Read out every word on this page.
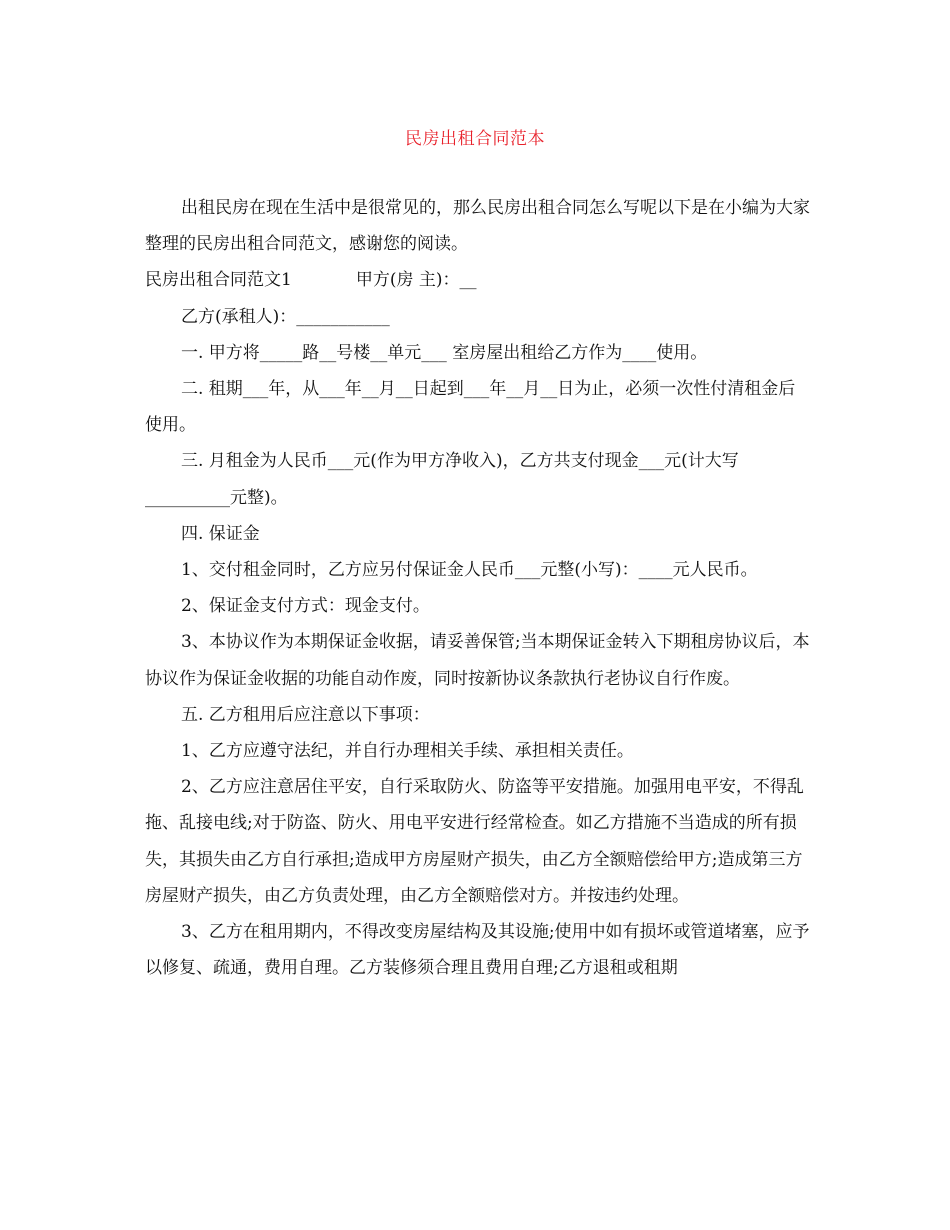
民房出租合同范本

出租民房在现在生活中是很常见的，那么民房出租合同怎么写呢以下是在小编为大家整理的民房出租合同范文，感谢您的阅读。

民房出租合同范文1	甲方(房 主)：__

乙方(承租人)：___________

一. 甲方将_____路__号楼__单元___ 室房屋出租给乙方作为____使用。

二. 租期___年，从___年__月__日起到___年__月__日为止，必须一次性付清租金后使用。

三. 月租金为人民币___元(作为甲方净收入)，乙方共支付现金___元(计大写__________元整)。

四. 保证金

1、交付租金同时，乙方应另付保证金人民币___元整(小写)：____元人民币。

2、保证金支付方式：现金支付。

3、本协议作为本期保证金收据，请妥善保管;当本期保证金转入下期租房协议后，本协议作为保证金收据的功能自动作废，同时按新协议条款执行老协议自行作废。

五. 乙方租用后应注意以下事项：

1、乙方应遵守法纪，并自行办理相关手续、承担相关责任。

2、乙方应注意居住平安，自行采取防火、防盗等平安措施。加强用电平安，不得乱拖、乱接电线;对于防盗、防火、用电平安进行经常检查。如乙方措施不当造成的所有损失，其损失由乙方自行承担;造成甲方房屋财产损失，由乙方全额赔偿给甲方;造成第三方房屋财产损失，由乙方负责处理，由乙方全额赔偿对方。并按违约处理。

3、乙方在租用期内，不得改变房屋结构及其设施;使用中如有损坏或管道堵塞，应予以修复、疏通，费用自理。乙方装修须合理且费用自理;乙方退租或租期
